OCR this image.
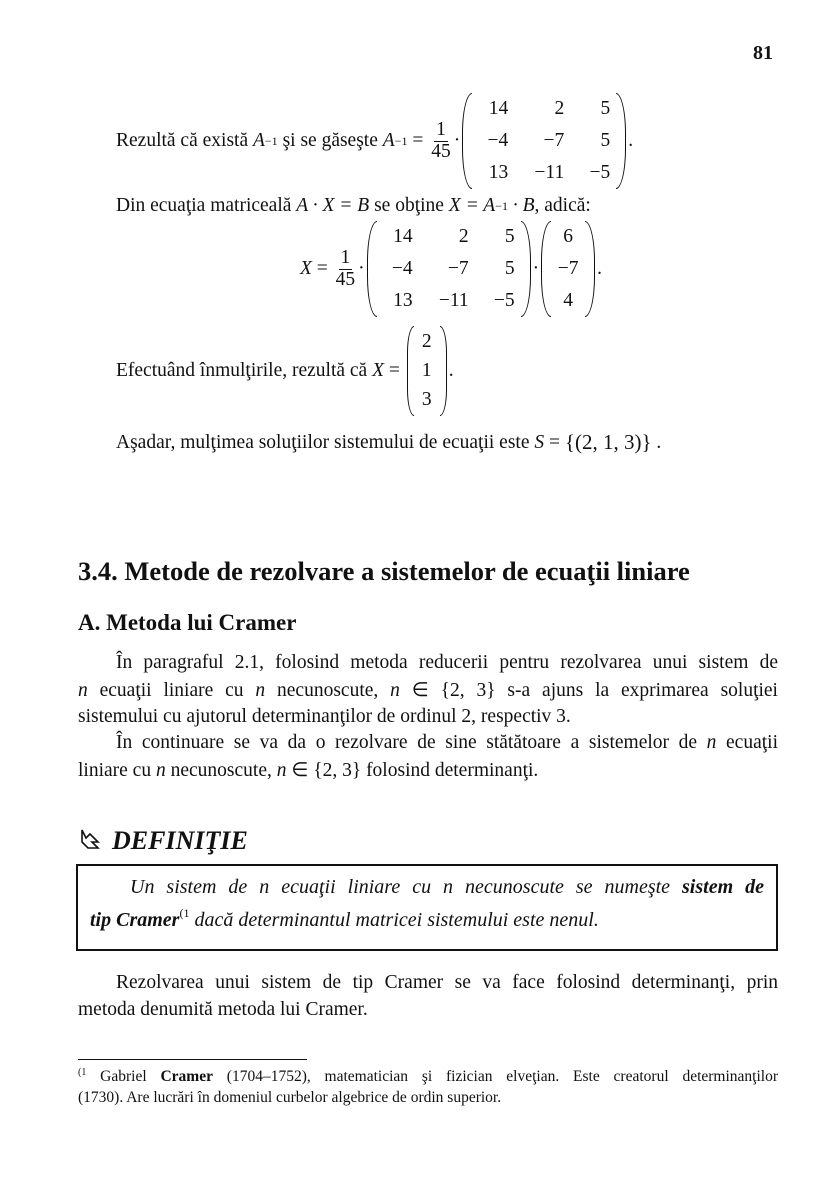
81
Rezultă că există A −1 şi se găseşte $A -1 = \frac{1}{45}$ ·
14	2	5
−4	−7	5
13	−11	−5
.
Din ecuaţia matriceală A · X = B se obţine X = A −1 · B , adică:
$X = \frac{1}{45}$ ·
14	2	5
−4	−7	5
13	−11	−5
·
6
−7
4
.
Efectuând înmulţirile, rezultă că X =
2
1
3
.
Aşadar, mulţimea soluţiilor sistemului de ecuaţii este S = {(2, 1, 3)} .
3.4. Metode de rezolvare a sistemelor de ecuaţii liniare
A. Metoda lui Cramer
În paragraful 2.1, folosind metoda reducerii pentru rezolvarea unui sistem de
n ecuaţii liniare cu n necunoscute, n ∈ {2, 3} s-a ajuns la exprimarea soluţiei
sistemului cu ajutorul determinanţilor de ordinul 2, respectiv 3.
În continuare se va da o rezolvare de sine stătătoare a sistemelor de n ecuaţii
liniare cu n necunoscute, n ∈ {2, 3} folosind determinanţi.
DEFINIŢIE
Un sistem de n ecuaţii liniare cu n necunoscute se numeşte sistem de
tip Cramer$^{(1}$ dacă determinantul matricei sistemului este nenul.
Rezolvarea unui sistem de tip Cramer se va face folosind determinanţi, prin
metoda denumită metoda lui Cramer.
$^{(1}$ Gabriel Cramer (1704–1752), matematician şi fizician elveţian. Este creatorul determinanţilor
(1730). Are lucrări în domeniul curbelor algebrice de ordin superior.
